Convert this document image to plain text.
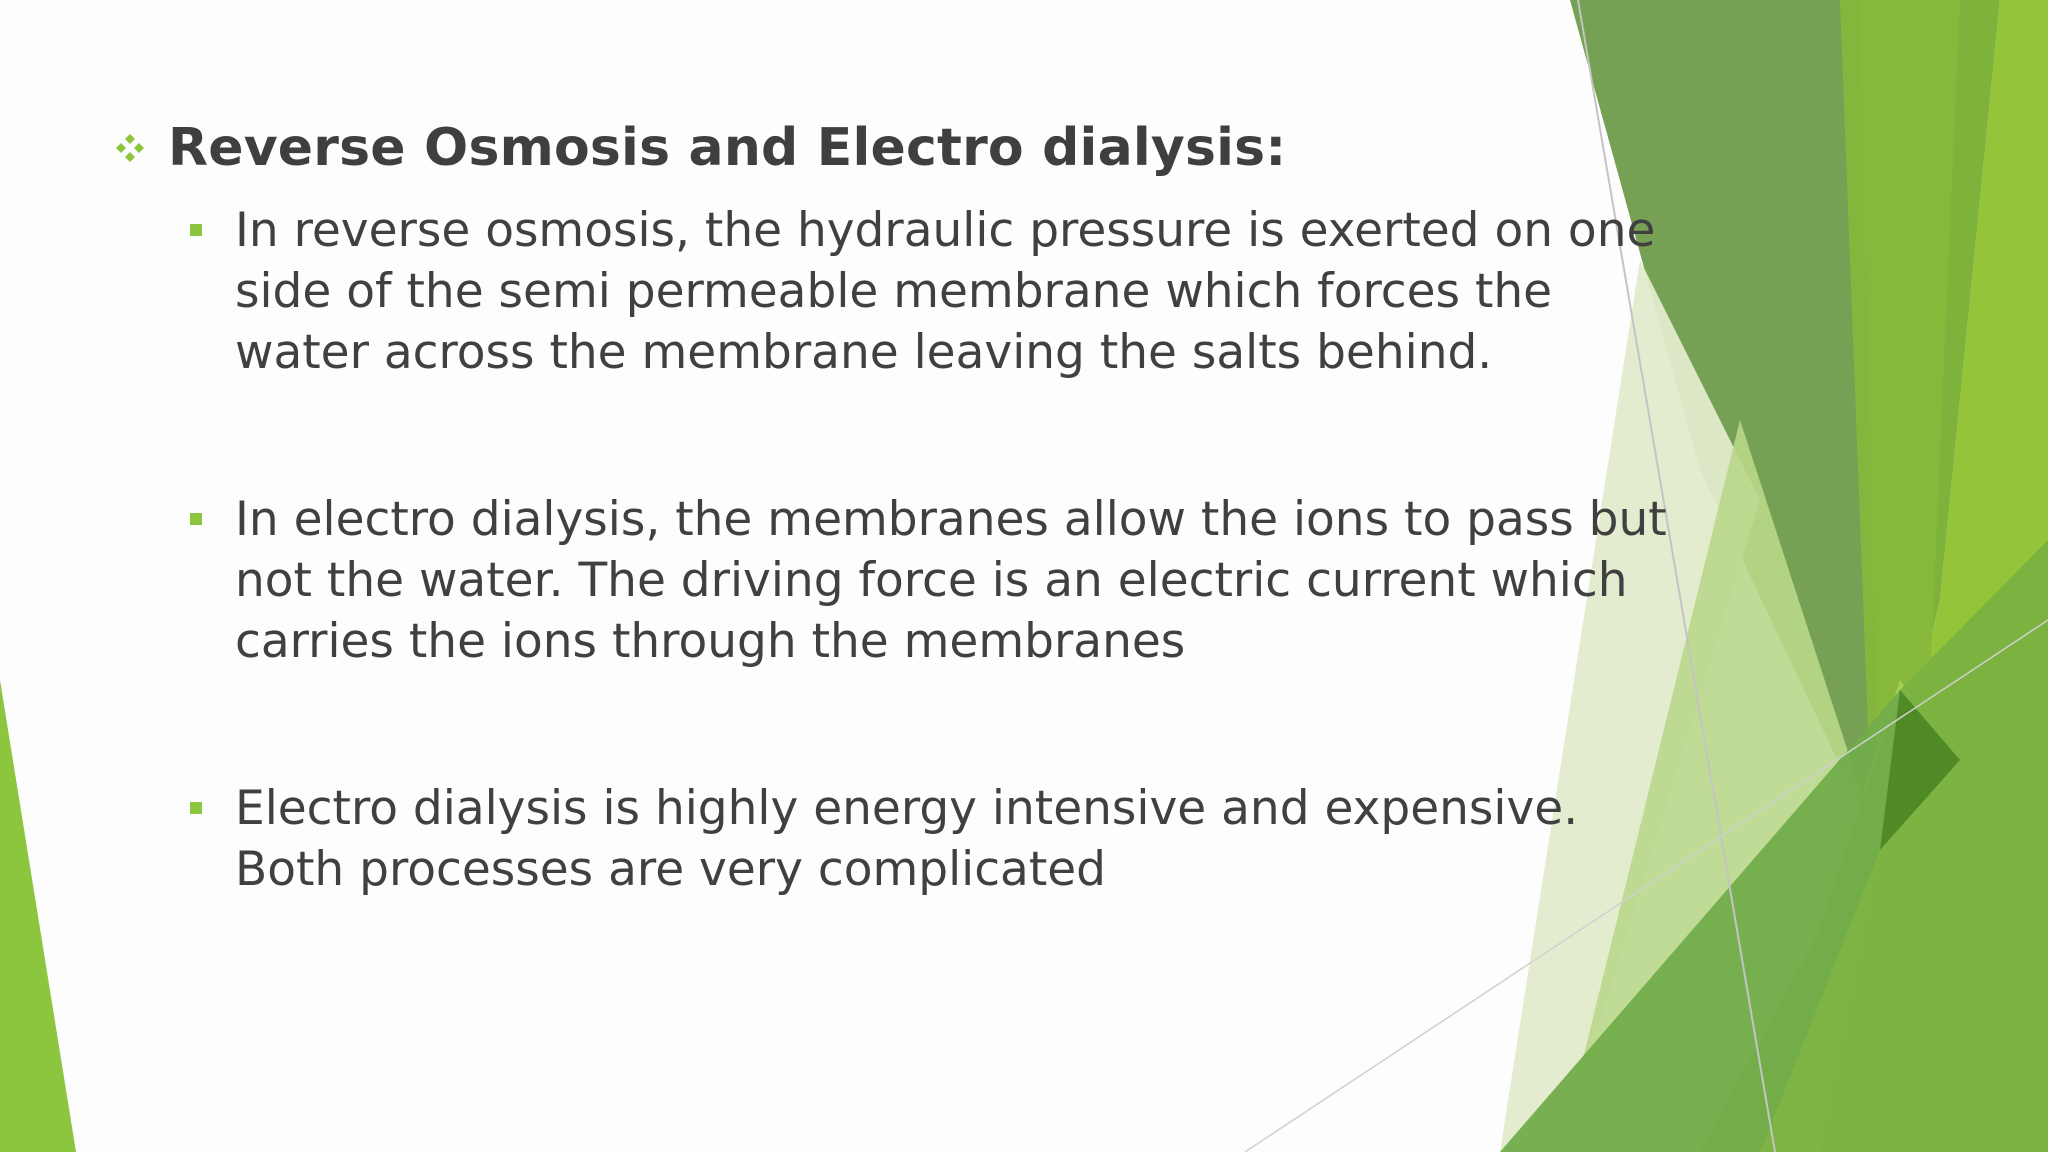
Reverse Osmosis and Electro dialysis:
In reverse osmosis, the hydraulic pressure is exerted on one side of the semi permeable membrane which forces the water across the membrane leaving the salts behind.
In electro dialysis, the membranes allow the ions to pass but not the water. The driving force is an electric current which carries the ions through the membranes
Electro dialysis is highly energy intensive and expensive. Both processes are very complicated
